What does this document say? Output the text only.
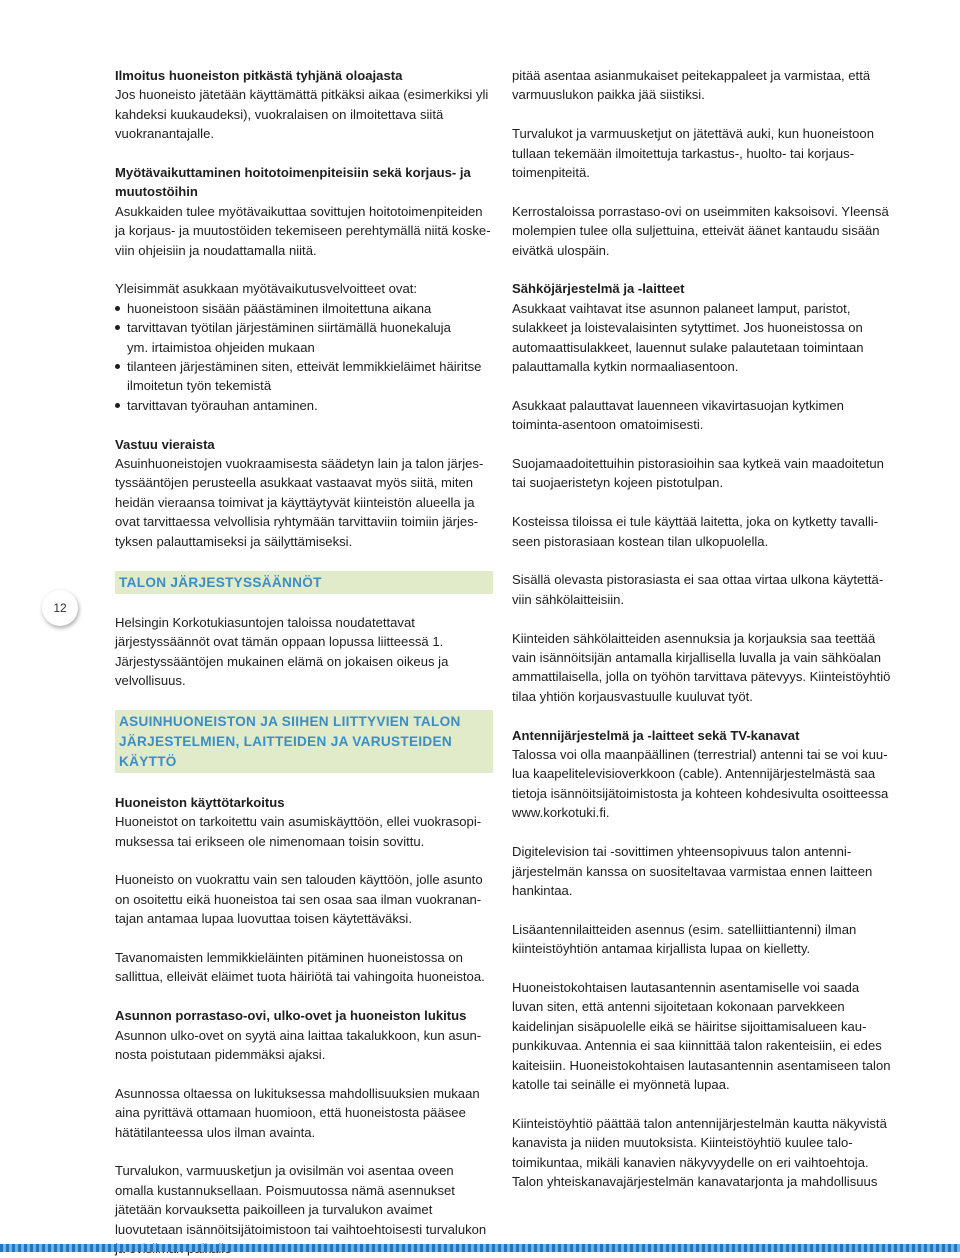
Ilmoitus huoneiston pitkästä tyhjänä oloajasta
Jos huoneisto jätetään käyttämättä pitkäksi aikaa (esimerkiksi yli kahdeksi kuukaudeksi), vuokralaisen on ilmoitettava siitä vuokranantajalle.

Myötävaikuttaminen hoitotoimenpiteisiin sekä korjaus- ja muutostöihin
Asukkaiden tulee myötävaikuttaa sovittujen hoitotoimenpiteiden ja korjaus- ja muutostöiden tekemiseen perehtymällä niitä koskeviin ohjeisiin ja noudattamalla niitä.

Yleisimmät asukkaan myötävaikutusvelvoitteet ovat:

huoneistoon sisään päästäminen ilmoitettuna aikana
tarvittavan työtilan järjestäminen siirtämällä huonekaluja
ym. irtaimistoa ohjeiden mukaan
tilanteen järjestäminen siten, etteivät lemmikkieläimet häiritse ilmoitetun työn tekemistä
tarvittavan työrauhan antaminen.

Vastuu vieraista
Asuinhuoneistojen vuokraamisesta säädetyn lain ja talon järjestyssääntöjen perusteella asukkaat vastaavat myös siitä, miten heidän vieraansa toimivat ja käyttäytyvät kiinteistön alueella ja ovat tarvittaessa velvollisia ryhtymään tarvittaviin toimiin järjestyksen palauttamiseksi ja säilyttämiseksi.

TALON JÄRJESTYSSÄÄNNÖT

Helsingin Korkotukiasuntojen taloissa noudatettavat järjestyssäännöt ovat tämän oppaan lopussa liitteessä 1. Järjestyssääntöjen mukainen elämä on jokaisen oikeus ja velvollisuus.

ASUINHUONEISTON JA SIIHEN LIITTYVIEN TALON JÄRJESTELMIEN, LAITTEIDEN JA VARUSTEIDEN KÄYTTÖ

Huoneiston käyttötarkoitus
Huoneistot on tarkoitettu vain asumiskäyttöön, ellei vuokrasopimuksessa tai erikseen ole nimenomaan toisin sovittu.

Huoneisto on vuokrattu vain sen talouden käyttöön, jolle asunto on osoitettu eikä huoneistoa tai sen osaa saa ilman vuokranantajan antamaa lupaa luovuttaa toisen käytettäväksi.

Tavanomaisten lemmikkieläinten pitäminen huoneistossa on sallittua, elleivät eläimet tuota häiriötä tai vahingoita huoneistoa.

Asunnon porrastaso-ovi, ulko-ovet ja huoneiston lukitus
Asunnon ulko-ovet on syytä aina laittaa takalukkoon, kun asunnosta poistutaan pidemmäksi ajaksi.

Asunnossa oltaessa on lukituksessa mahdollisuuksien mukaan aina pyrittävä ottamaan huomioon, että huoneistosta pääsee hätätilanteessa ulos ilman avainta.

Turvalukon, varmuusketjun ja ovisilmän voi asentaa oveen omalla kustannuksellaan. Poismuutossa nämä asennukset jätetään korvauksetta paikoilleen ja turvalukon avaimet luovutetaan isännöitsijätoimistoon tai vaihtoehtoisesti turvalukon

pitää asentaa asianmukaiset peitekappaleet ja varmistaa, että varmuuslukon paikka jää siistiksi.

Turvalukot ja varmuusketjut on jätettävä auki, kun huoneistoon tullaan tekemään ilmoitettuja tarkastus-, huolto- tai korjaustoimenpiteitä.

Kerrostaloissa porrastaso-ovi on useimmiten kaksoisovi. Yleensä molempien tulee olla suljettuina, etteivät äänet kantaudu sisään eivätkä ulospäin.

Sähköjärjestelmä ja -laitteet
Asukkaat vaihtavat itse asunnon palaneet lamput, paristot, sulakkeet ja loistevalaisinten sytyttimet. Jos huoneistossa on automaattisulakkeet, lauennut sulake palautetaan toimintaan palauttamalla kytkin normaaliasentoon.

Asukkaat palauttavat lauenneen vikavirtasuojan kytkimen toiminta-asentoon omatoimisesti.

Suojamaadoitettuihin pistorasioihin saa kytkeä vain maadoitetun tai suojaeristetyn kojeen pistotulpan.

Kosteissa tiloissa ei tule käyttää laitetta, joka on kytketty tavalliseen pistorasiaan kostean tilan ulkopuolella.

Sisällä olevasta pistorasiasta ei saa ottaa virtaa ulkona käytettäviin sähkölaitteisiin.

Kiinteiden sähkölaitteiden asennuksia ja korjauksia saa teettää vain isännöitsijän antamalla kirjallisella luvalla ja vain sähköalan ammattilaisella, jolla on työhön tarvittava pätevyys. Kiinteistöyhtiö tilaa yhtiön korjausvastuulle kuuluvat työt.

Antennijärjestelmä ja -laitteet sekä TV-kanavat
Talossa voi olla maanpäällinen (terrestrial) antenni tai se voi kuulua kaapelitelevisioverkkoon (cable). Antennijärjestelmästä saa tietoja isännöitsijätoimistosta ja kohteen kohdesivulta osoitteessa www.korkotuki.fi.

Digitelevision tai -sovittimen yhteensopivuus talon antennijärjestelmän kanssa on suositeltavaa varmistaa ennen laitteen hankintaa.

Lisäantennilaitteiden asennus (esim. satelliittiantenni) ilman kiinteistöyhtiön antamaa kirjallista lupaa on kielletty.

Huoneistokohtaisen lautasantennin asentamiselle voi saada luvan siten, että antenni sijoitetaan kokonaan parvekkeen kaidelinjan sisäpuolelle eikä se häiritse sijoittamisalueen kaupunkikuvaa. Antenniа ei saa kiinnittää talon rakenteisiin, ei edes kaiteisiin. Huoneistokohtaisen lautasantennin asentamiseen talon katolle tai seinälle ei myönnetä lupaa.

Kiinteistöyhtiö päättää talon antennijärjestelmän kautta näkyvistä kanavista ja niiden muutoksista. Kiinteistöyhtiö kuulee talotoimikuntaa, mikäli kanavien näkyvyydelle on eri vaihtoehtoja. Talon yhteiskanavajärjestelmän kanavatarjonta ja mahdollisuus

12
